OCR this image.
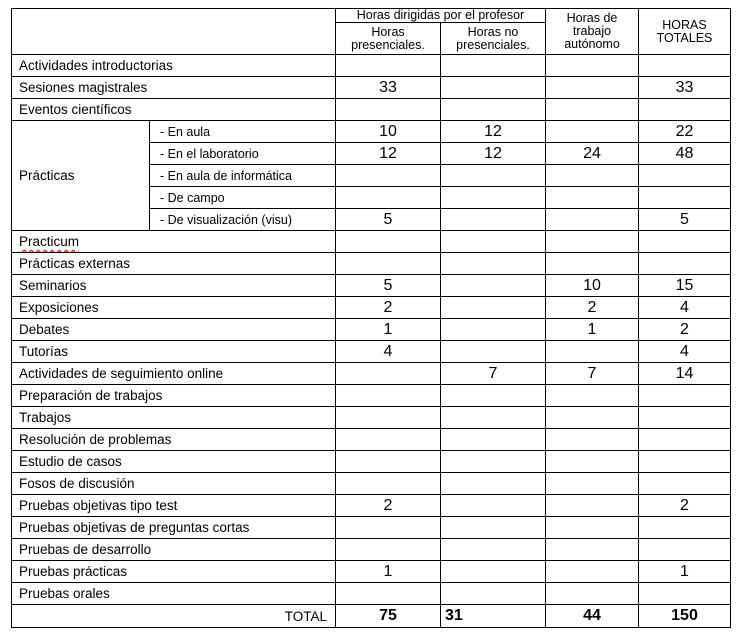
		Horas dirigidas por el profesor		Horas de trabajo autónomo	HORAS TOTALES
		Horas presenciales.	Horas no presenciales.		
Actividades introductorias					
Sesiones magistrales		33			33
Eventos científicos					
Prácticas	- En aula	10	12		22
	- En el laboratorio	12	12	24	48
	- En aula de informática				
	- De campo				
	- De visualización (visu)	5			5
Practicum					
Prácticas externas					
Seminarios		5		10	15
Exposiciones		2		2	4
Debates		1		1	2
Tutorías		4			4
Actividades de seguimiento online			7	7	14
Preparación de trabajos					
Trabajos					
Resolución de problemas					
Estudio de casos					
Fosos de discusión					
Pruebas objetivas tipo test		2			2
Pruebas objetivas de preguntas cortas					
Pruebas de desarrollo					
Pruebas prácticas		1			1
Pruebas orales					
TOTAL		75	31	44	150
